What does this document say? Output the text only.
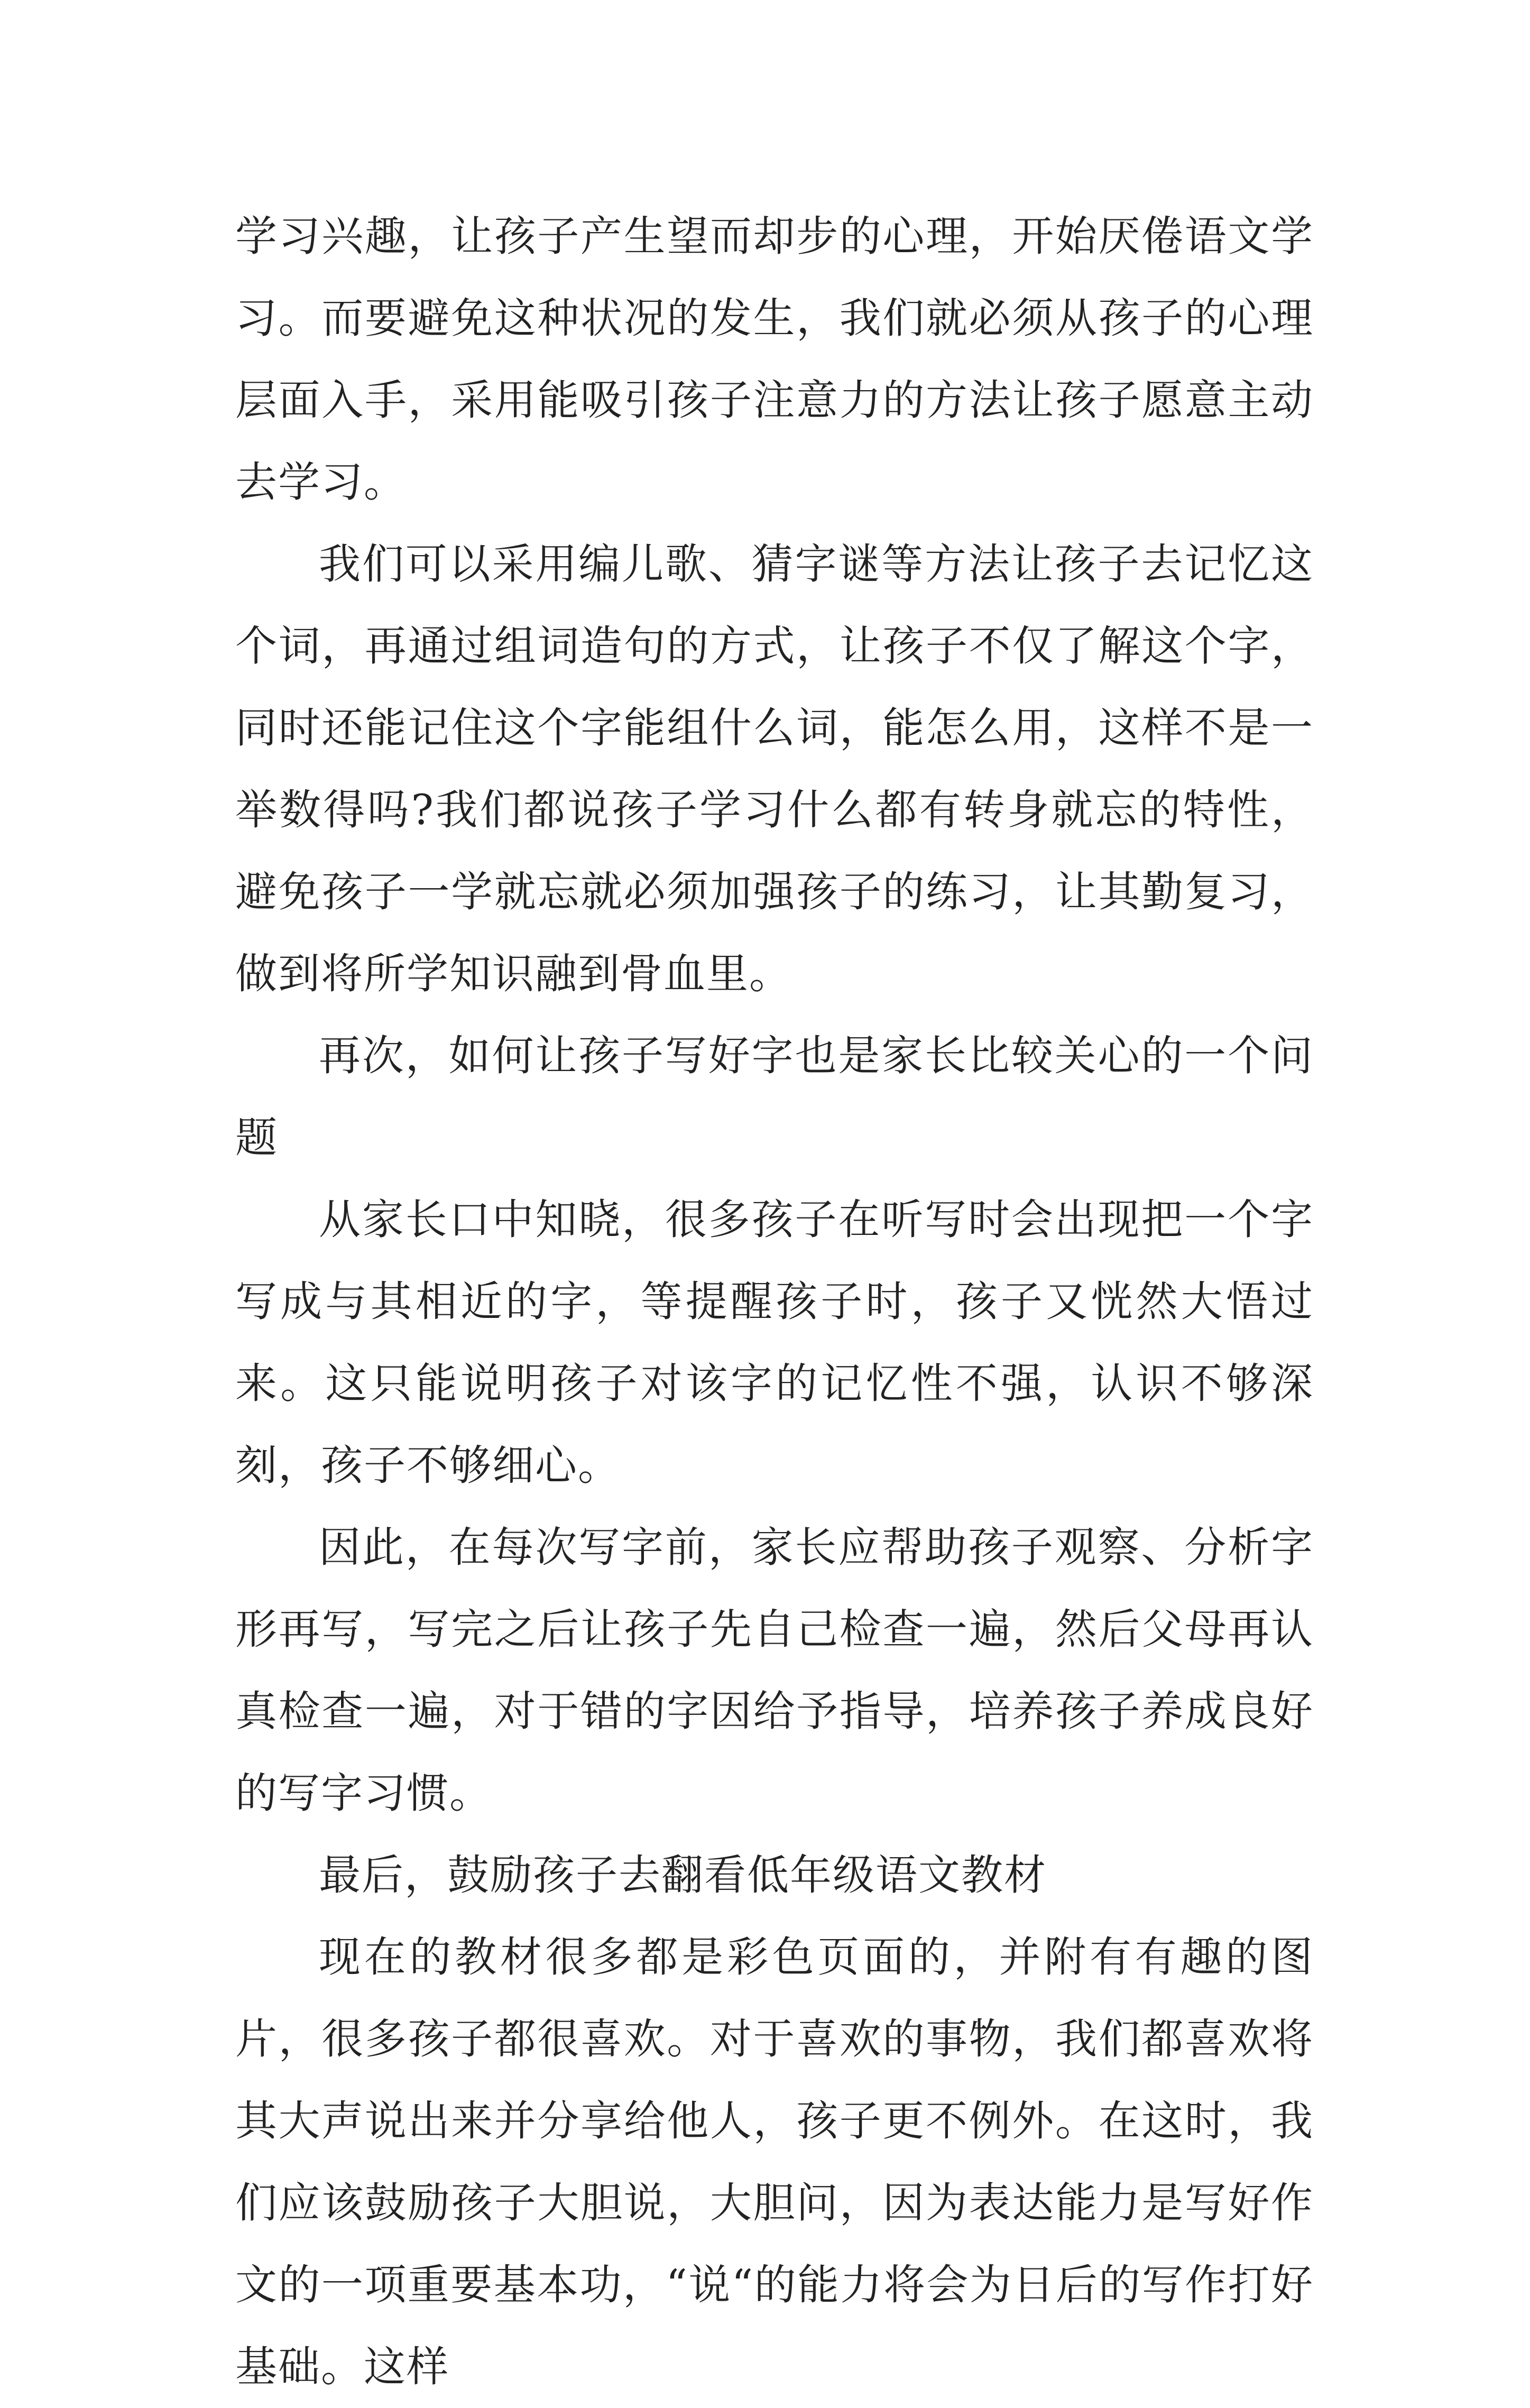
学习兴趣，让孩子产生望而却步的心理，开始厌倦语文学习。而要避免这种状况的发生，我们就必须从孩子的心理层面入手，采用能吸引孩子注意力的方法让孩子愿意主动去学习。

我们可以采用编儿歌、猜字谜等方法让孩子去记忆这个词，再通过组词造句的方式，让孩子不仅了解这个字，同时还能记住这个字能组什么词，能怎么用，这样不是一举数得吗?我们都说孩子学习什么都有转身就忘的特性，避免孩子一学就忘就必须加强孩子的练习，让其勤复习，做到将所学知识融到骨血里。

再次，如何让孩子写好字也是家长比较关心的一个问题

从家长口中知晓，很多孩子在听写时会出现把一个字写成与其相近的字，等提醒孩子时，孩子又恍然大悟过来。这只能说明孩子对该字的记忆性不强，认识不够深刻，孩子不够细心。

因此，在每次写字前，家长应帮助孩子观察、分析字形再写，写完之后让孩子先自己检查一遍，然后父母再认真检查一遍，对于错的字因给予指导，培养孩子养成良好的写字习惯。

最后，鼓励孩子去翻看低年级语文教材

现在的教材很多都是彩色页面的，并附有有趣的图片，很多孩子都很喜欢。对于喜欢的事物，我们都喜欢将其大声说出来并分享给他人，孩子更不例外。在这时，我们应该鼓励孩子大胆说，大胆问，因为表达能力是写好作文的一项重要基本功，“说“的能力将会为日后的写作打好基础。这样
